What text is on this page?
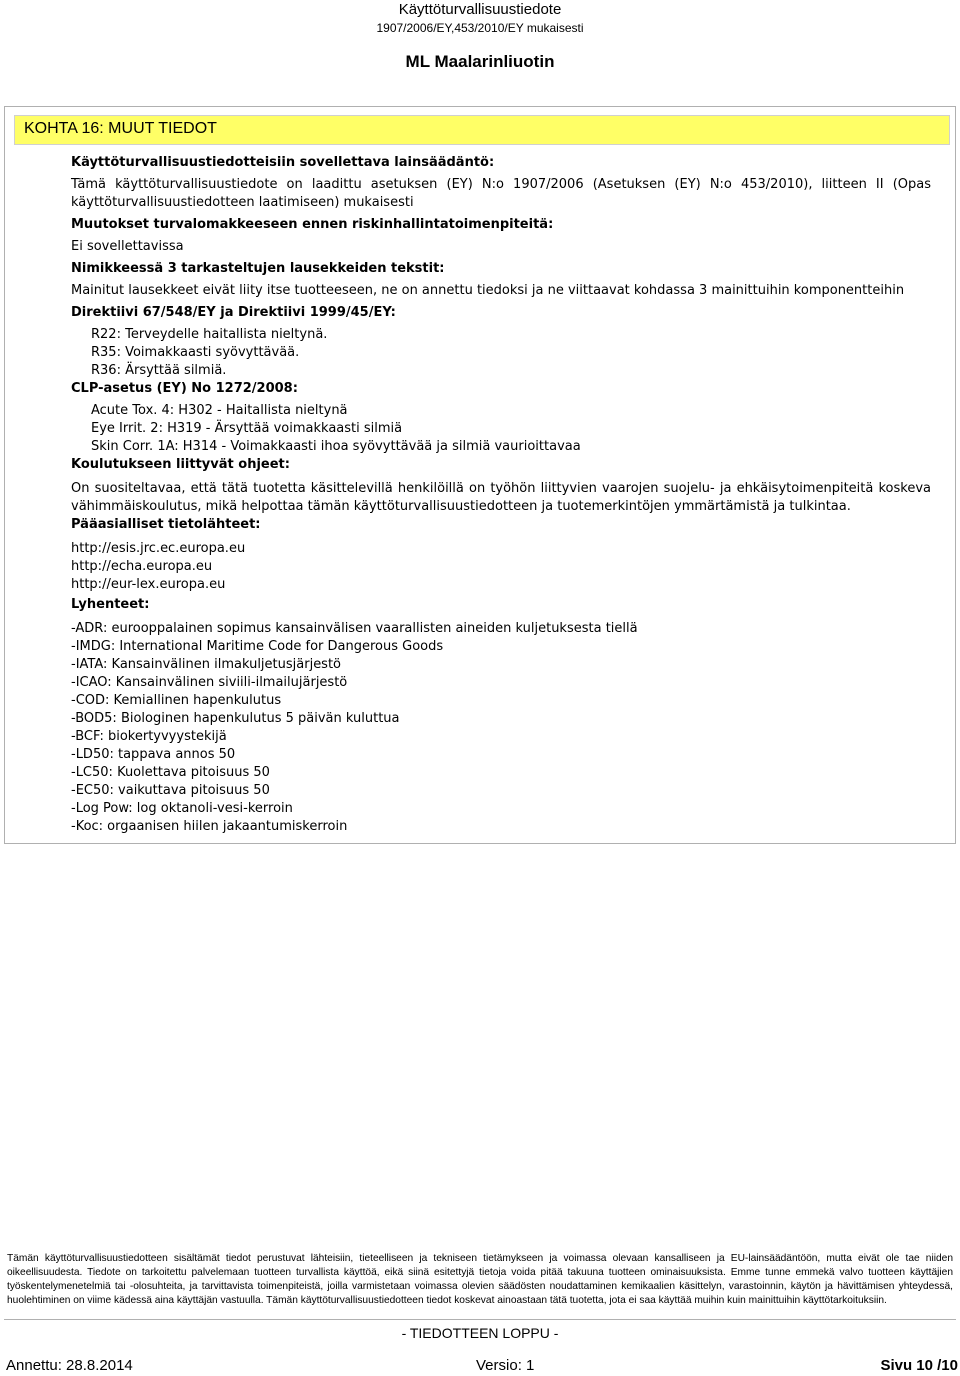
Käyttöturvallisuustiedote
1907/2006/EY,453/2010/EY mukaisesti
ML Maalarinliuotin
KOHTA 16: MUUT TIEDOT

Käyttöturvallisuustiedotteisiin sovellettava lainsäädäntö:

Tämä käyttöturvallisuustiedote on laadittu asetuksen (EY) N:o 1907/2006 (Asetuksen (EY) N:o 453/2010), liitteen II (Opas käyttöturvallisuustiedotteen laatimiseen) mukaisesti

Muutokset turvalomakkeeseen ennen riskinhallintatoimenpiteitä:

Ei sovellettavissa

Nimikkeessä 3 tarkasteltujen lausekkeiden tekstit:

Mainitut lausekkeet eivät liity itse tuotteeseen, ne on annettu tiedoksi ja ne viittaavat kohdassa 3 mainittuihin komponentteihin

Direktiivi 67/548/EY ja Direktiivi 1999/45/EY:

R22: Terveydelle haitallista nieltynä.

R35: Voimakkaasti syövyttävää.

R36: Ärsyttää silmiä.

CLP-asetus (EY) No 1272/2008:

Acute Tox. 4: H302 - Haitallista nieltynä

Eye Irrit. 2: H319 - Ärsyttää voimakkaasti silmiä

Skin Corr. 1A: H314 - Voimakkaasti ihoa syövyttävää ja silmiä vaurioittavaa

Koulutukseen liittyvät ohjeet:

On suositeltavaa, että tätä tuotetta käsittelevillä henkilöillä on työhön liittyvien vaarojen suojelu- ja ehkäisytoimenpiteitä koskeva vähimmäiskoulutus, mikä helpottaa tämän käyttöturvallisuustiedotteen ja tuotemerkintöjen ymmärtämistä ja tulkintaa.

Pääasialliset tietolähteet:

http://esis.jrc.ec.europa.eu

http://echa.europa.eu

http://eur-lex.europa.eu

Lyhenteet:

-ADR: eurooppalainen sopimus kansainvälisen vaarallisten aineiden kuljetuksesta tiellä

-IMDG: International Maritime Code for Dangerous Goods

-IATA: Kansainvälinen ilmakuljetusjärjestö

-ICAO: Kansainvälinen siviili-ilmailujärjestö

-COD: Kemiallinen hapenkulutus

-BOD5: Biologinen hapenkulutus 5 päivän kuluttua

-BCF: biokertyvyystekijä

-LD50: tappava annos 50

-LC50: Kuolettava pitoisuus 50

-EC50: vaikuttava pitoisuus 50

-Log Pow: log oktanoli-vesi-kerroin

-Koc: orgaanisen hiilen jakaantumiskerroin

Tämän käyttöturvallisuustiedotteen sisältämät tiedot perustuvat lähteisiin, tieteelliseen ja tekniseen tietämykseen ja voimassa olevaan kansalliseen ja EU-lainsäädäntöön, mutta eivät ole tae niiden oikeellisuudesta. Tiedote on tarkoitettu palvelemaan tuotteen turvallista käyttöä, eikä siinä esitettyjä tietoja voida pitää takuuna tuotteen ominaisuuksista. Emme tunne emmekä valvo tuotteen käyttäjien työskentelymenetelmiä tai -olosuhteita, ja tarvittavista toimenpiteistä, joilla varmistetaan voimassa olevien säädösten noudattaminen kemikaalien käsittelyn, varastoinnin, käytön ja hävittämisen yhteydessä, huolehtiminen on viime kädessä aina käyttäjän vastuulla. Tämän käyttöturvallisuustiedotteen tiedot koskevat ainoastaan tätä tuotetta, jota ei saa käyttää muihin kuin mainittuihin käyttötarkoituksiin.
- TIEDOTTEEN LOPPU -
Annettu: 28.8.2014	Versio: 1	Sivu 10 /10
